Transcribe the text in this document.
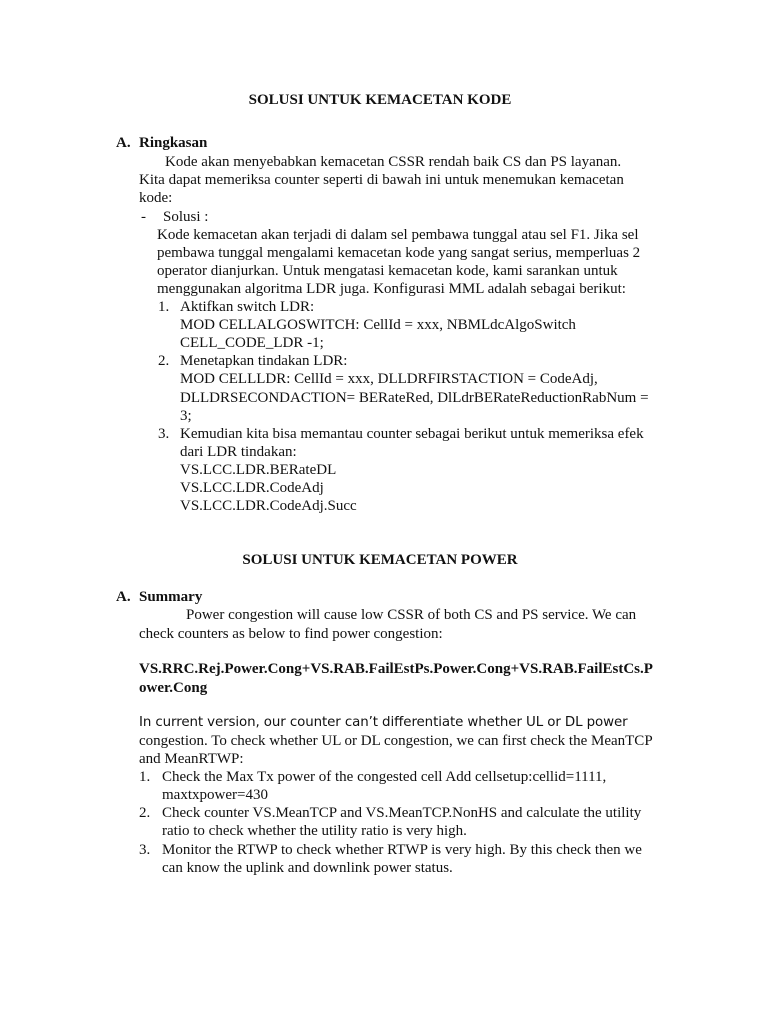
SOLUSI UNTUK KEMACETAN KODE
A. Ringkasan
Kode akan menyebabkan kemacetan CSSR rendah baik CS dan PS layanan.
Kita dapat memeriksa counter seperti di bawah ini untuk menemukan kemacetan
kode:
- Solusi :
Kode kemacetan akan terjadi di dalam sel pembawa tunggal atau sel F1. Jika sel
pembawa tunggal mengalami kemacetan kode yang sangat serius, memperluas 2
operator dianjurkan. Untuk mengatasi kemacetan kode, kami sarankan untuk
menggunakan algoritma LDR juga. Konfigurasi MML adalah sebagai berikut:
1. Aktifkan switch LDR:
MOD CELLALGOSWITCH: CellId = xxx, NBMLdcAlgoSwitch
CELL_CODE_LDR -1;
2. Menetapkan tindakan LDR:
MOD CELLLDR: CellId = xxx, DLLDRFIRSTACTION = CodeAdj,
DLLDRSECONDACTION= BERateRed, DlLdrBERateReductionRabNum =
3;
3. Kemudian kita bisa memantau counter sebagai berikut untuk memeriksa efek
dari LDR tindakan:
VS.LCC.LDR.BERateDL
VS.LCC.LDR.CodeAdj
VS.LCC.LDR.CodeAdj.Succ
SOLUSI UNTUK KEMACETAN POWER
A. Summary
Power congestion will cause low CSSR of both CS and PS service. We can
check counters as below to find power congestion:
VS.RRC.Rej.Power.Cong+VS.RAB.FailEstPs.Power.Cong+VS.RAB.FailEstCs.P
ower.Cong
In current version, our counter can’t differentiate whether UL or DL power
congestion. To check whether UL or DL congestion, we can first check the MeanTCP
and MeanRTWP:
1. Check the Max Tx power of the congested cell Add cellsetup:cellid=1111,
maxtxpower=430
2. Check counter VS.MeanTCP and VS.MeanTCP.NonHS and calculate the utility
ratio to check whether the utility ratio is very high.
3. Monitor the RTWP to check whether RTWP is very high. By this check then we
can know the uplink and downlink power status.
